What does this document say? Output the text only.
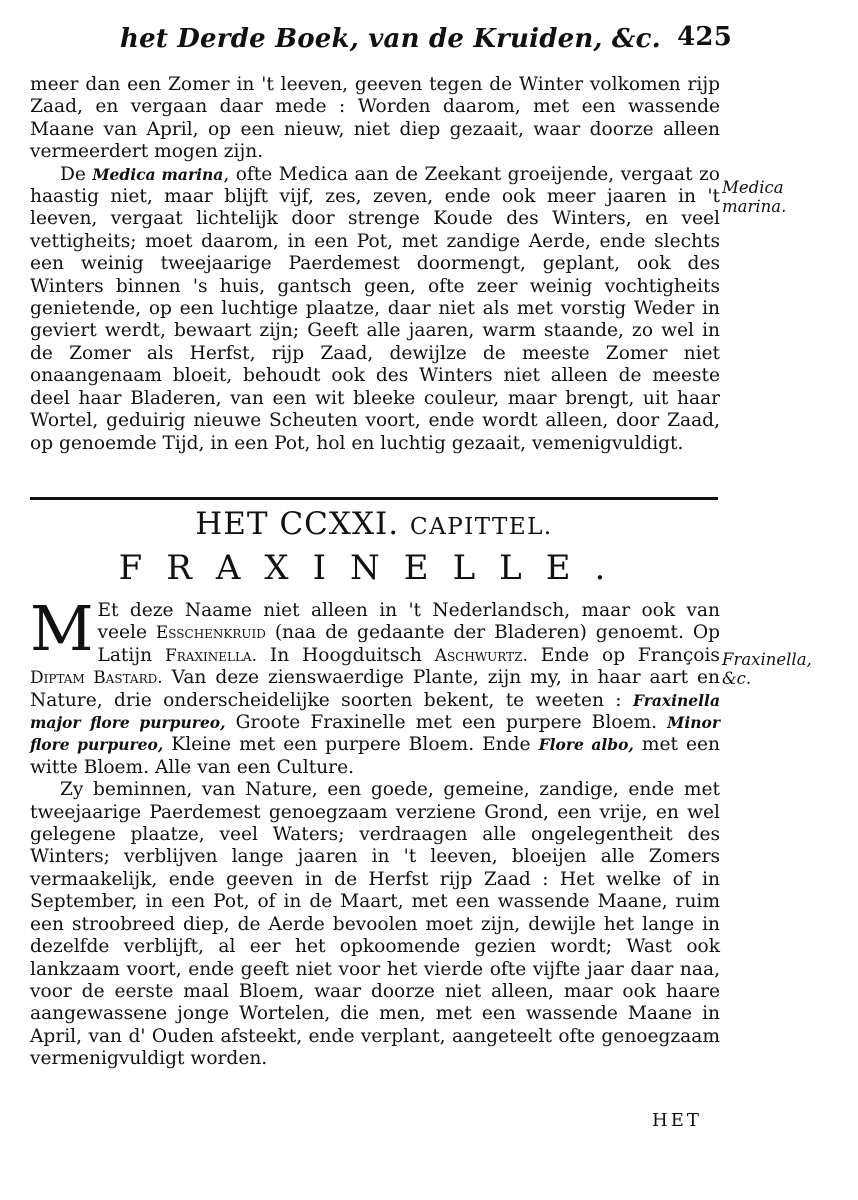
het Derde Boek, van de Kruiden, &c. 425

meer dan een Zomer in 't leeven, geeven tegen de Winter volkomen rijp Zaad, en vergaan daar mede : Worden daarom, met een wassende Maane van April, op een nieuw, niet diep gezaait, waar doorze alleen vermeerdert mogen zijn.

De Medica marina, ofte Medica aan de Zeekant groeijende, vergaat zo haastig niet, maar blijft vijf, zes, zeven, ende ook meer jaaren in 't leeven, vergaat lichtelijk door strenge Koude des Winters, en veel vettigheits; moet daarom, in een Pot, met zandige Aerde, ende slechts een weinig tweejaarige Paerdemest doormengt, geplant, ook des Winters binnen 's huis, gantsch geen, ofte zeer weinig vochtigheits genietende, op een luchtige plaatze, daar niet als met vorstig Weder in geviert werdt, bewaart zijn; Geeft alle jaaren, warm staande, zo wel in de Zomer als Herfst, rijp Zaad, dewijlze de meeste Zomer niet onaangenaam bloeit, behoudt ook des Winters niet alleen de meeste deel haar Bladeren, van een wit bleeke couleur, maar brengt, uit haar Wortel, geduirig nieuwe Scheuten voort, ende wordt alleen, door Zaad, op genoemde Tijd, in een Pot, hol en luchtig gezaait, vemenigvuldigt.

Medica marina.
HET CCXXI. CAPITTEL.
FRAXINELLE.
Fraxinella, &c.

M Et deze Naame niet alleen in 't Nederlandsch, maar ook van veele Esschenkruid (naa de gedaante der Bladeren) genoemt. Op Latijn Fraxinella. In Hoogduitsch Aschwurtz. Ende op François Diptam Bastard. Van deze zienswaerdige Plante, zijn my, in haar aart en Nature, drie onderscheidelijke soorten bekent, te weeten : Fraxinella major flore purpureo, Groote Fraxinelle met een purpere Bloem. Minor flore purpureo, Kleine met een purpere Bloem. Ende Flore albo, met een witte Bloem. Alle van een Culture.

Zy beminnen, van Nature, een goede, gemeine, zandige, ende met tweejaarige Paerdemest genoegzaam verziene Grond, een vrije, en wel gelegene plaatze, veel Waters; verdraagen alle ongelegentheit des Winters; verblijven lange jaaren in 't leeven, bloeijen alle Zomers vermaakelijk, ende geeven in de Herfst rijp Zaad : Het welke of in September, in een Pot, of in de Maart, met een wassende Maane, ruim een stroobreed diep, de Aerde bevoolen moet zijn, dewijle het lange in dezelfde verblijft, al eer het opkoomende gezien wordt; Wast ook lankzaam voort, ende geeft niet voor het vierde ofte vijfte jaar daar naa, voor de eerste maal Bloem, waar doorze niet alleen, maar ook haare aangewassene jonge Wortelen, die men, met een wassende Maane in April, van d' Ouden afsteekt, ende verplant, aangeteelt ofte genoegzaam vermenigvuldigt worden.

HET
